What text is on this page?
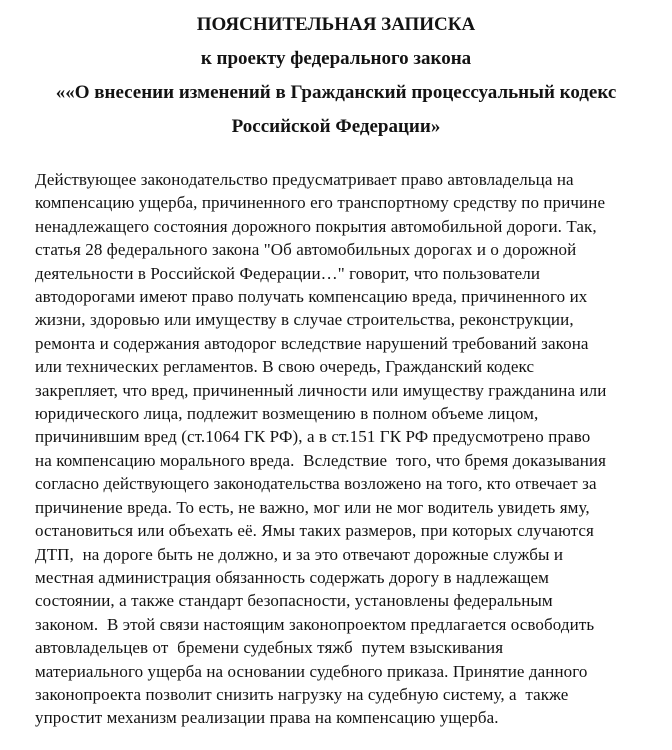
ПОЯСНИТЕЛЬНАЯ ЗАПИСКА
к проекту федерального закона
««О внесении изменений в Гражданский процессуальный кодекс
Российской Федерации»
Действующее законодательство предусматривает право автовладельца на
компенсацию ущерба, причиненного его транспортному средству по причине
ненадлежащего состояния дорожного покрытия автомобильной дороги. Так,
статья 28 федерального закона "Об автомобильных дорогах и о дорожной
деятельности в Российской Федерации…" говорит, что пользователи
автодорогами имеют право получать компенсацию вреда, причиненного их
жизни, здоровью или имуществу в случае строительства, реконструкции,
ремонта и содержания автодорог вследствие нарушений требований закона
или технических регламентов. В свою очередь, Гражданский кодекс
закрепляет, что вред, причиненный личности или имуществу гражданина или
юридического лица, подлежит возмещению в полном объеме лицом,
причинившим вред (ст.1064 ГК РФ), а в ст.151 ГК РФ предусмотрено право
на компенсацию морального вреда.  Вследствие  того, что бремя доказывания
согласно действующего законодательства возложено на того, кто отвечает за
причинение вреда. То есть, не важно, мог или не мог водитель увидеть яму,
остановиться или объехать её. Ямы таких размеров, при которых случаются
ДТП,  на дороге быть не должно, и за это отвечают дорожные службы и
местная администрация обязанность содержать дорогу в надлежащем
состоянии, а также стандарт безопасности, установлены федеральным
законом.  В этой связи настоящим законопроектом предлагается освободить
автовладельцев от  бремени судебных тяжб  путем взыскивания
материального ущерба на основании судебного приказа. Принятие данного
законопроекта позволит снизить нагрузку на судебную систему, а  также
упростит механизм реализации права на компенсацию ущерба.
